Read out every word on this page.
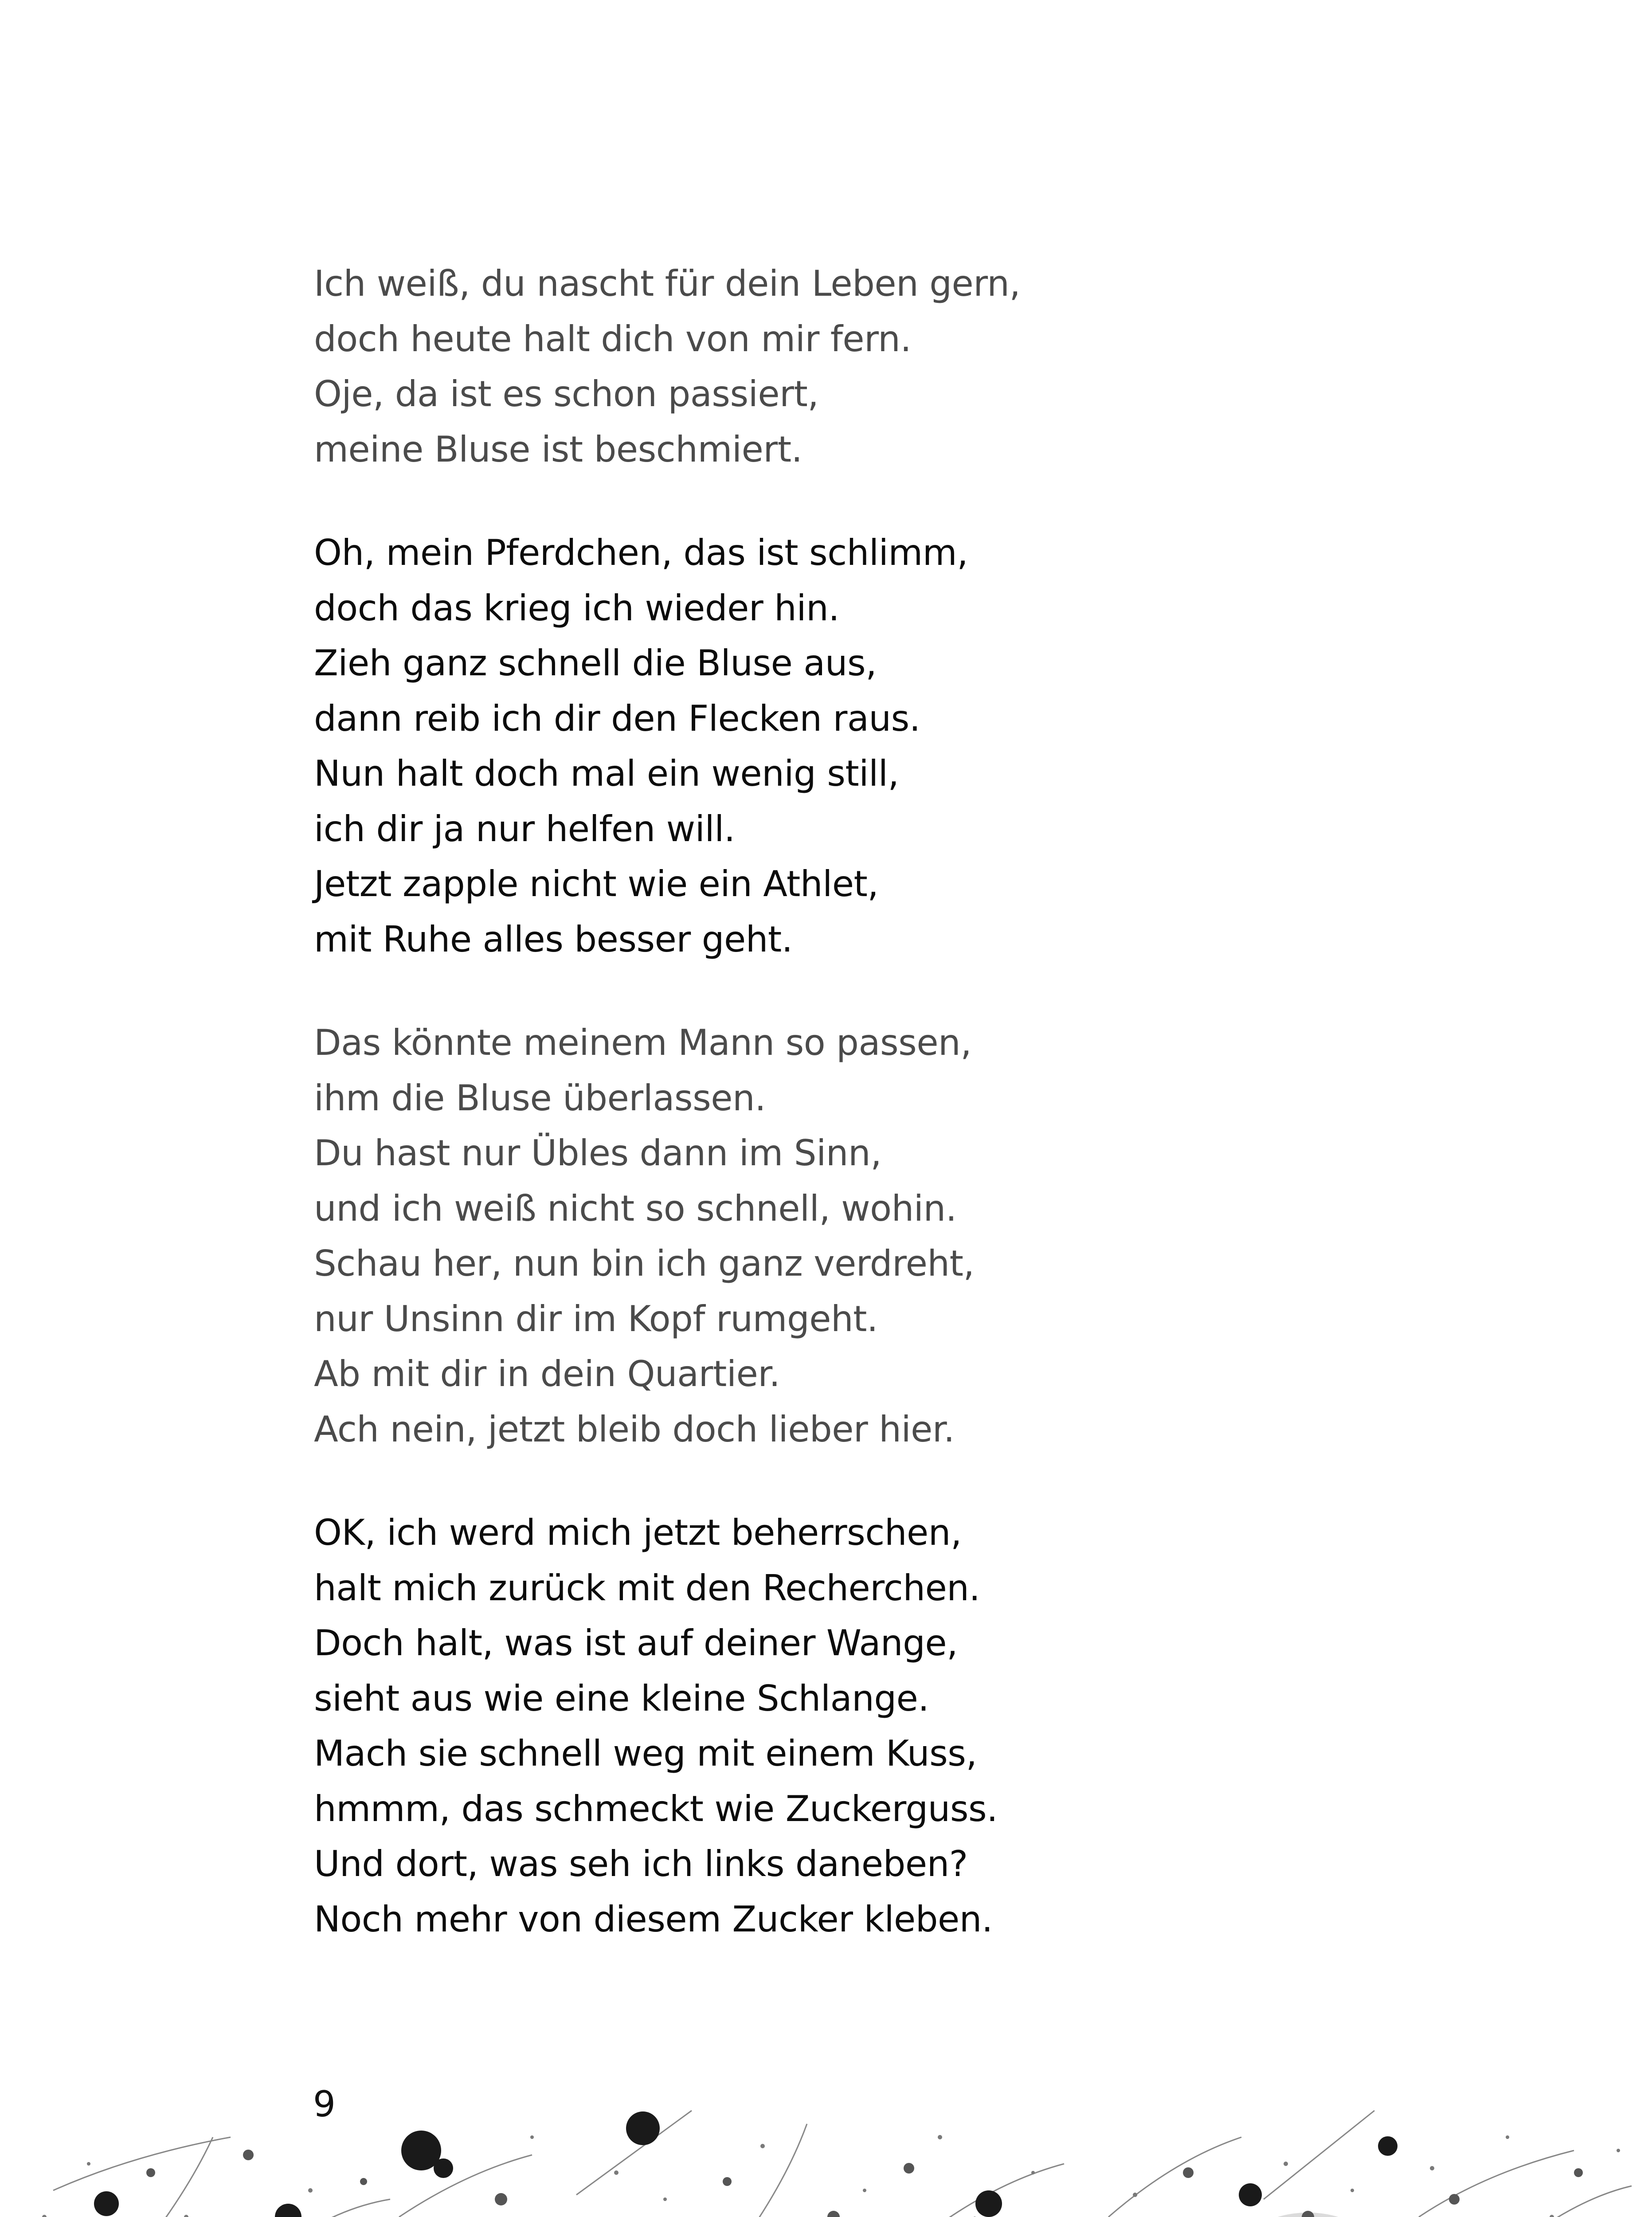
Ich weiß, du nascht für dein Leben gern,
doch heute halt dich von mir fern.
Oje, da ist es schon passiert,
meine Bluse ist beschmiert.
Oh, mein Pferdchen, das ist schlimm,
doch das krieg ich wieder hin.
Zieh ganz schnell die Bluse aus,
dann reib ich dir den Flecken raus.
Nun halt doch mal ein wenig still,
ich dir ja nur helfen will.
Jetzt zapple nicht wie ein Athlet,
mit Ruhe alles besser geht.
Das könnte meinem Mann so passen,
ihm die Bluse überlassen.
Du hast nur Übles dann im Sinn,
und ich weiß nicht so schnell, wohin.
Schau her, nun bin ich ganz verdreht,
nur Unsinn dir im Kopf rumgeht.
Ab mit dir in dein Quartier.
Ach nein, jetzt bleib doch lieber hier.
OK, ich werd mich jetzt beherrschen,
halt mich zurück mit den Recherchen.
Doch halt, was ist auf deiner Wange,
sieht aus wie eine kleine Schlange.
Mach sie schnell weg mit einem Kuss,
hmmm, das schmeckt wie Zuckerguss.
Und dort, was seh ich links daneben?
Noch mehr von diesem Zucker kleben.
9
